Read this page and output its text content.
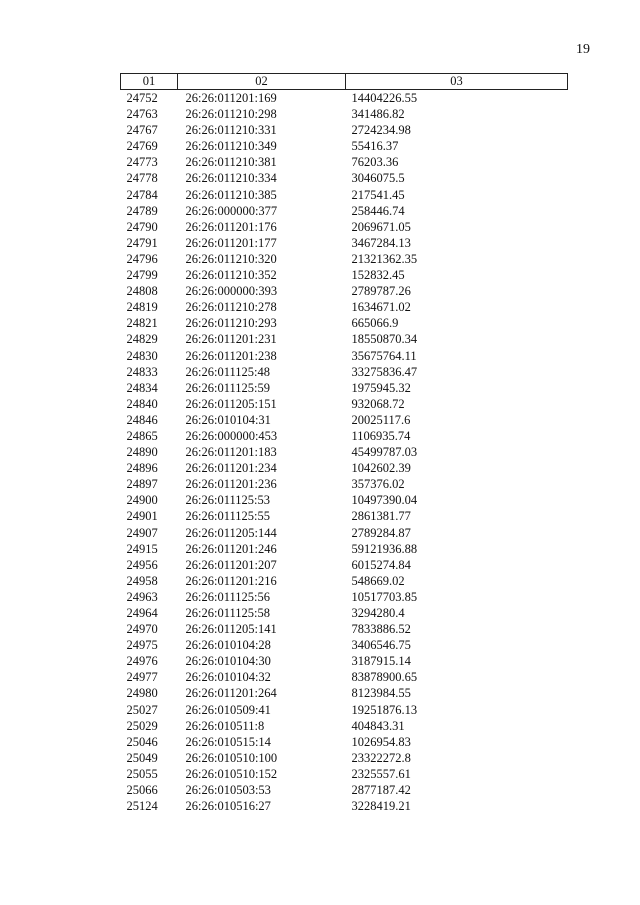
19
01	02	03
24752	26:26:011201:169	14404226.55
24763	26:26:011210:298	341486.82
24767	26:26:011210:331	2724234.98
24769	26:26:011210:349	55416.37
24773	26:26:011210:381	76203.36
24778	26:26:011210:334	3046075.5
24784	26:26:011210:385	217541.45
24789	26:26:000000:377	258446.74
24790	26:26:011201:176	2069671.05
24791	26:26:011201:177	3467284.13
24796	26:26:011210:320	21321362.35
24799	26:26:011210:352	152832.45
24808	26:26:000000:393	2789787.26
24819	26:26:011210:278	1634671.02
24821	26:26:011210:293	665066.9
24829	26:26:011201:231	18550870.34
24830	26:26:011201:238	35675764.11
24833	26:26:011125:48	33275836.47
24834	26:26:011125:59	1975945.32
24840	26:26:011205:151	932068.72
24846	26:26:010104:31	20025117.6
24865	26:26:000000:453	1106935.74
24890	26:26:011201:183	45499787.03
24896	26:26:011201:234	1042602.39
24897	26:26:011201:236	357376.02
24900	26:26:011125:53	10497390.04
24901	26:26:011125:55	2861381.77
24907	26:26:011205:144	2789284.87
24915	26:26:011201:246	59121936.88
24956	26:26:011201:207	6015274.84
24958	26:26:011201:216	548669.02
24963	26:26:011125:56	10517703.85
24964	26:26:011125:58	3294280.4
24970	26:26:011205:141	7833886.52
24975	26:26:010104:28	3406546.75
24976	26:26:010104:30	3187915.14
24977	26:26:010104:32	83878900.65
24980	26:26:011201:264	8123984.55
25027	26:26:010509:41	19251876.13
25029	26:26:010511:8	404843.31
25046	26:26:010515:14	1026954.83
25049	26:26:010510:100	23322272.8
25055	26:26:010510:152	2325557.61
25066	26:26:010503:53	2877187.42
25124	26:26:010516:27	3228419.21
